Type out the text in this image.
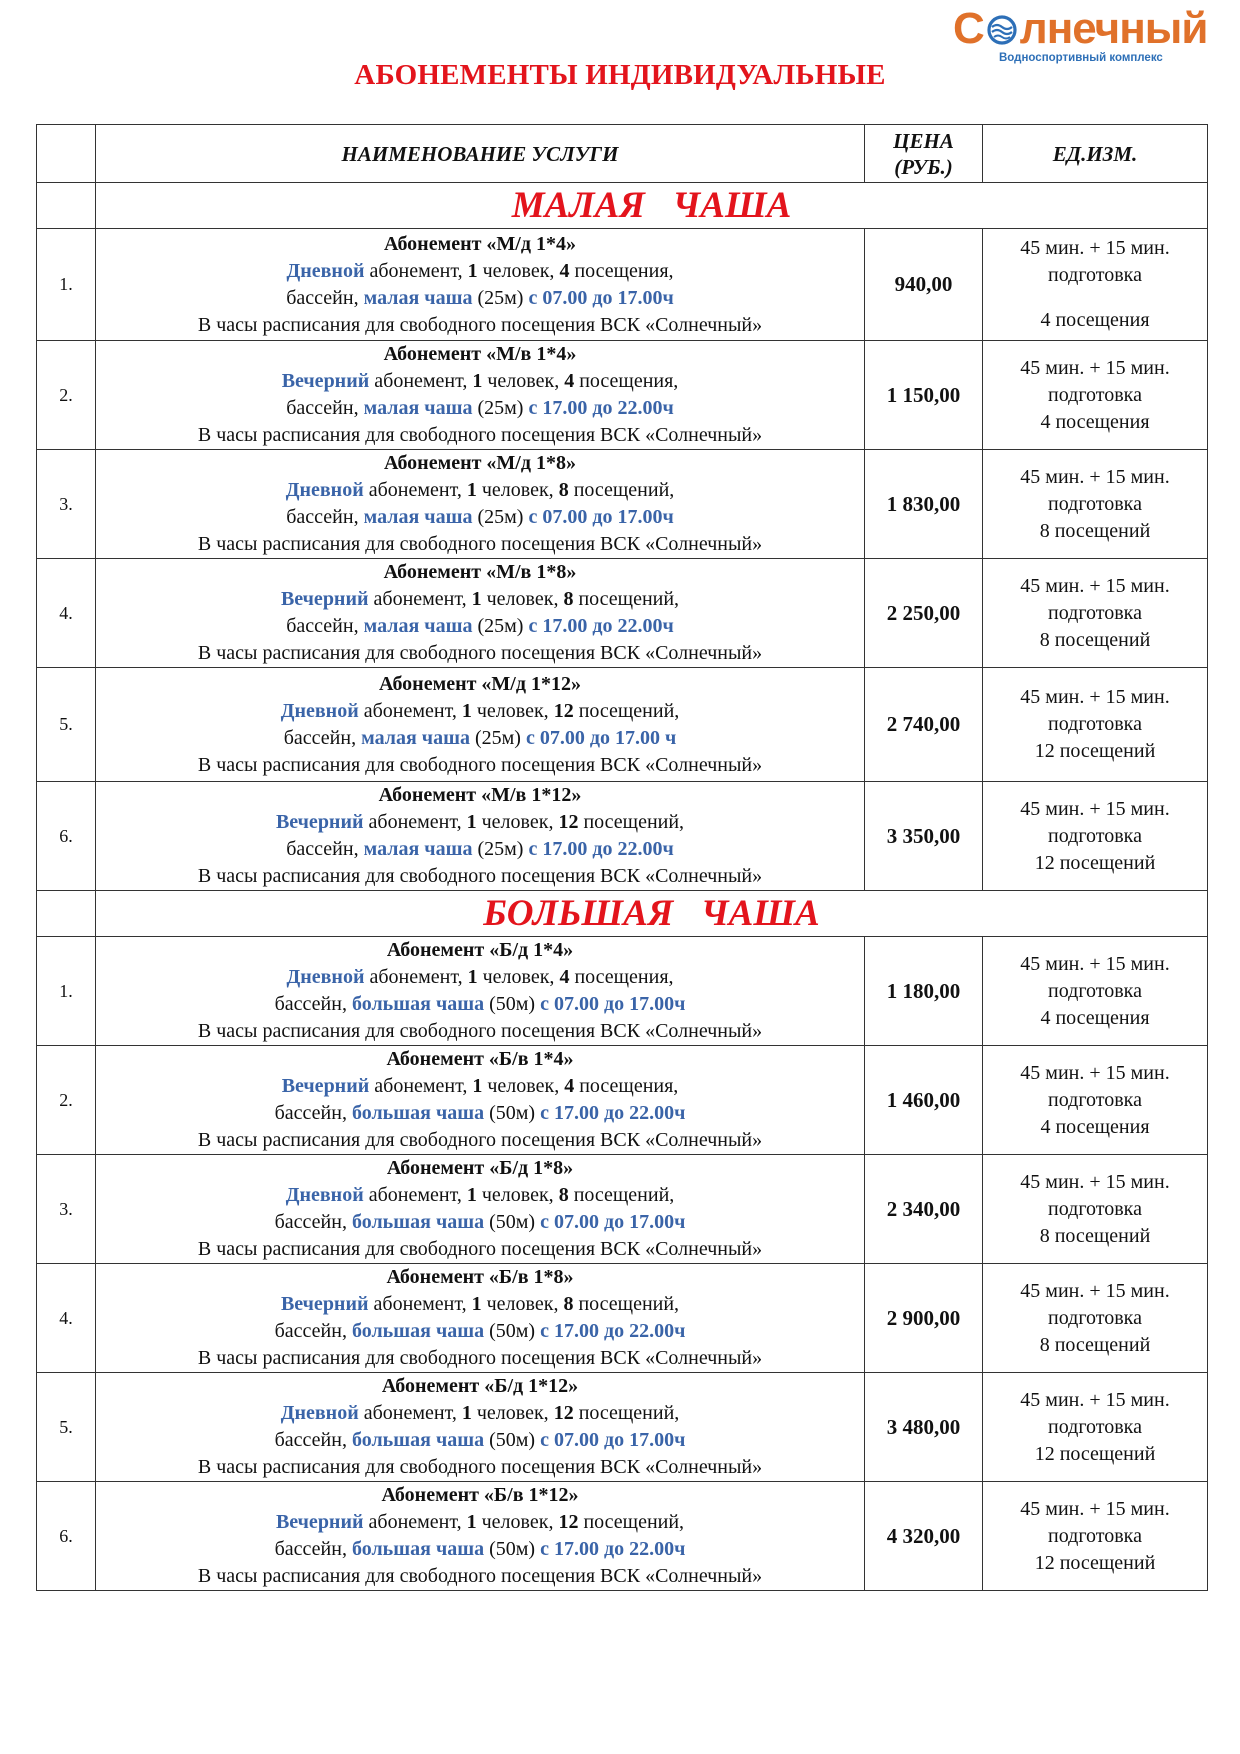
С лнечный
Водноспортивный комплекс
АБОНЕМЕНТЫ ИНДИВИДУАЛЬНЫЕ
	НАИМЕНОВАНИЕ УСЛУГИ	ЦЕНА
(РУБ.)	ЕД.ИЗМ.
	МАЛАЯ   ЧАША		
1.	Абонемент «М/д 1*4»
Дневной абонемент, 1 человек, 4 посещения,
бассейн, малая чаша (25м) с 07.00 до 17.00ч
В часы расписания для свободного посещения ВСК «Солнечный»	940,00	45 мин. + 15 мин.
подготовка
4 посещения

2.	Абонемент «М/в 1*4»
Вечерний абонемент, 1 человек, 4 посещения,
бассейн, малая чаша (25м) с 17.00 до 22.00ч
В часы расписания для свободного посещения ВСК «Солнечный»	1 150,00	45 мин. + 15 мин.
подготовка
4 посещения

3.	Абонемент «М/д 1*8»
Дневной абонемент, 1 человек, 8 посещений,
бассейн, малая чаша (25м) с 07.00 до 17.00ч
В часы расписания для свободного посещения ВСК «Солнечный»	1 830,00	45 мин. + 15 мин.
подготовка
8 посещений

4.	Абонемент «М/в 1*8»
Вечерний абонемент, 1 человек, 8 посещений,
бассейн, малая чаша (25м) с 17.00 до 22.00ч
В часы расписания для свободного посещения ВСК «Солнечный»	2 250,00	45 мин. + 15 мин.
подготовка
8 посещений

5.	Абонемент «М/д 1*12»
Дневной абонемент, 1 человек, 12 посещений,
бассейн, малая чаша (25м) с 07.00 до 17.00 ч
В часы расписания для свободного посещения ВСК «Солнечный»	2 740,00	45 мин. + 15 мин.
подготовка
12 посещений

6.	Абонемент «М/в 1*12»
Вечерний абонемент, 1 человек, 12 посещений,
бассейн, малая чаша (25м) с 17.00 до 22.00ч
В часы расписания для свободного посещения ВСК «Солнечный»	3 350,00	45 мин. + 15 мин.
подготовка
12 посещений

	БОЛЬШАЯ   ЧАША		
1.	Абонемент «Б/д 1*4»
Дневной абонемент, 1 человек, 4 посещения,
бассейн, большая чаша (50м) с 07.00 до 17.00ч
В часы расписания для свободного посещения ВСК «Солнечный»	1 180,00	45 мин. + 15 мин.
подготовка
4 посещения

2.	Абонемент «Б/в 1*4»
Вечерний абонемент, 1 человек, 4 посещения,
бассейн, большая чаша (50м) с 17.00 до 22.00ч
В часы расписания для свободного посещения ВСК «Солнечный»	1 460,00	45 мин. + 15 мин.
подготовка
4 посещения

3.	Абонемент «Б/д 1*8»
Дневной абонемент, 1 человек, 8 посещений,
бассейн, большая чаша (50м) с 07.00 до 17.00ч
В часы расписания для свободного посещения ВСК «Солнечный»	2 340,00	45 мин. + 15 мин.
подготовка
8 посещений

4.	Абонемент «Б/в 1*8»
Вечерний абонемент, 1 человек, 8 посещений,
бассейн, большая чаша (50м) с 17.00 до 22.00ч
В часы расписания для свободного посещения ВСК «Солнечный»	2 900,00	45 мин. + 15 мин.
подготовка
8 посещений

5.	Абонемент «Б/д 1*12»
Дневной абонемент, 1 человек, 12 посещений,
бассейн, большая чаша (50м) с 07.00 до 17.00ч
В часы расписания для свободного посещения ВСК «Солнечный»	3 480,00	45 мин. + 15 мин.
подготовка
12 посещений

6.	Абонемент «Б/в 1*12»
Вечерний абонемент, 1 человек, 12 посещений,
бассейн, большая чаша (50м) с 17.00 до 22.00ч
В часы расписания для свободного посещения ВСК «Солнечный»	4 320,00	45 мин. + 15 мин.
подготовка
12 посещений
